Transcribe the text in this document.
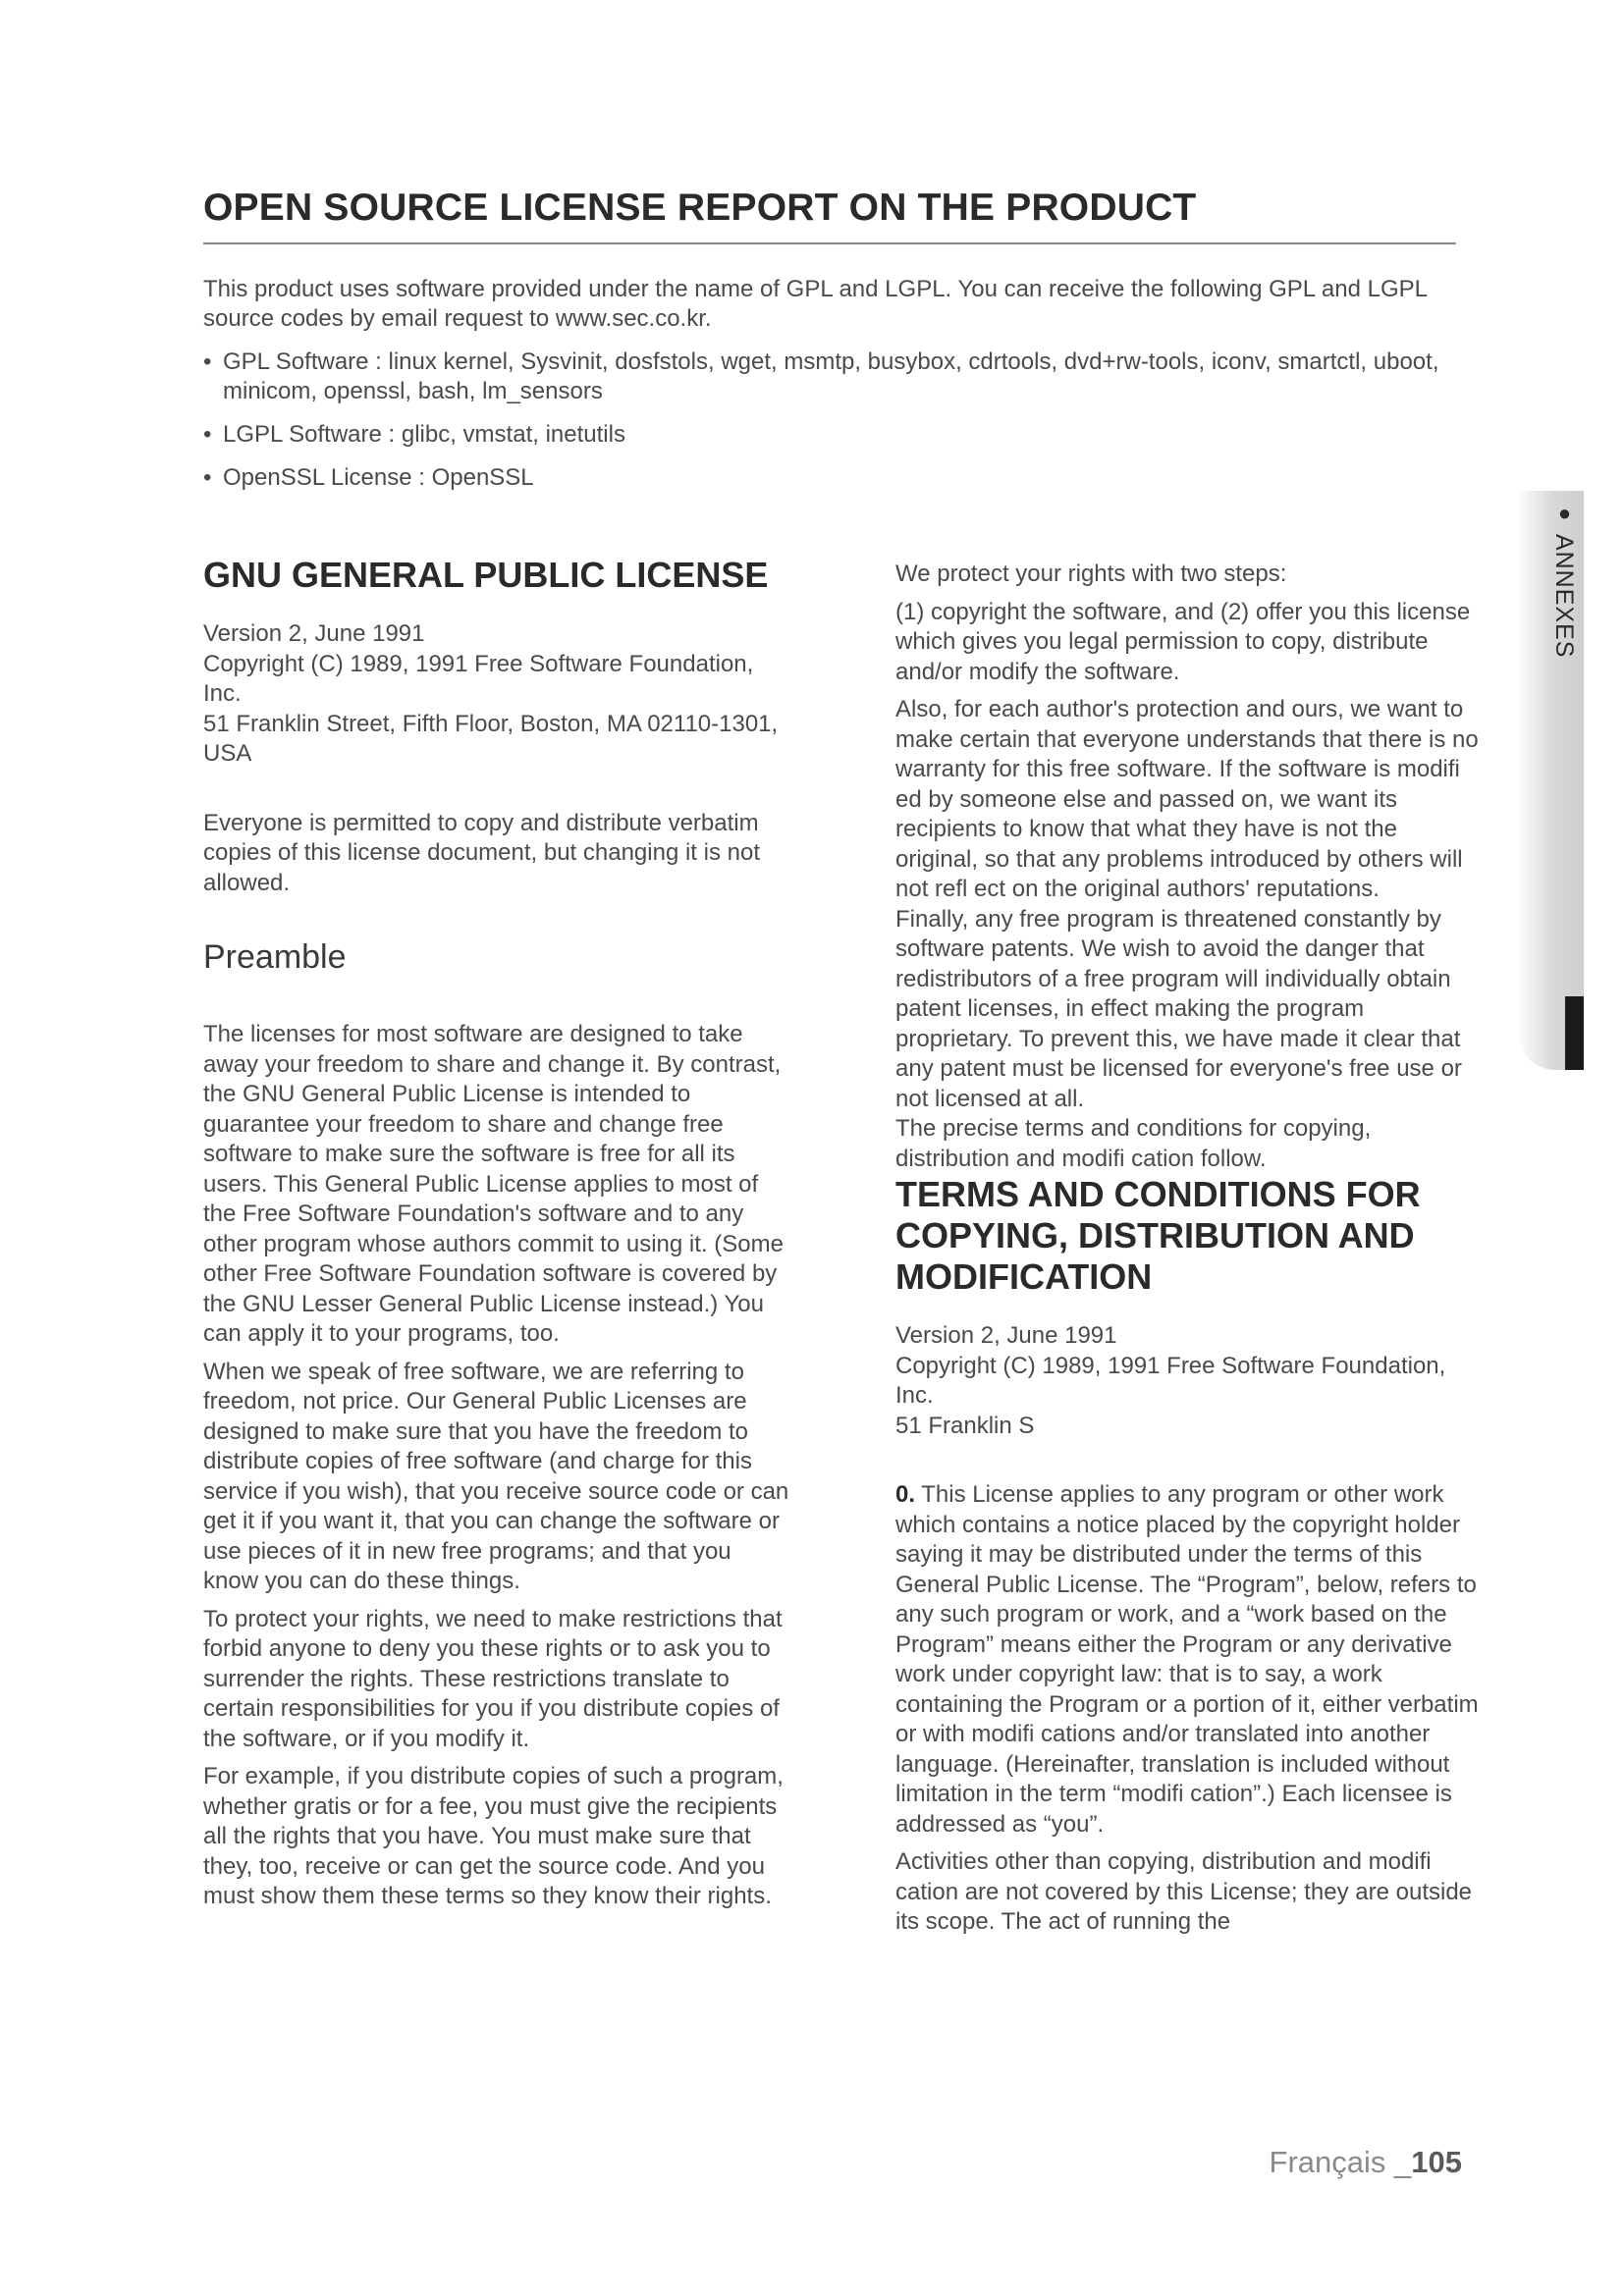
OPEN SOURCE LICENSE REPORT ON THE PRODUCT

This product uses software provided under the name of GPL and LGPL. You can receive the following GPL and LGPL source codes by email request to www.sec.co.kr.

• GPL Software : linux kernel, Sysvinit, dosfstols, wget, msmtp, busybox, cdrtools, dvd+rw-tools, iconv, smartctl, uboot, minicom, openssl, bash, lm_sensors
• LGPL Software : glibc, vmstat, inetutils
• OpenSSL License : OpenSSL
GNU GENERAL PUBLIC LICENSE

Version 2, June 1991

Copyright (C) 1989, 1991 Free Software Foundation, Inc.

51 Franklin Street, Fifth Floor, Boston, MA 02110-1301, USA

Everyone is permitted to copy and distribute verbatim copies of this license document, but changing it is not allowed.

Preamble

The licenses for most software are designed to take away your freedom to share and change it. By contrast, the GNU General Public License is intended to guarantee your freedom to share and change free software to make sure the software is free for all its users. This General Public License applies to most of the Free Software Foundation's software and to any other program whose authors commit to using it. (Some other Free Software Foundation software is covered by the GNU Lesser General Public License instead.) You can apply it to your programs, too.

When we speak of free software, we are referring to freedom, not price. Our General Public Licenses are designed to make sure that you have the freedom to distribute copies of free software (and charge for this service if you wish), that you receive source code or can get it if you want it, that you can change the software or use pieces of it in new free programs; and that you know you can do these things.

To protect your rights, we need to make restrictions that forbid anyone to deny you these rights or to ask you to surrender the rights. These restrictions translate to certain responsibilities for you if you distribute copies of the software, or if you modify it.

For example, if you distribute copies of such a program, whether gratis or for a fee, you must give the recipients all the rights that you have. You must make sure that they, too, receive or can get the source code. And you must show them these terms so they know their rights.

We protect your rights with two steps:

(1) copyright the software, and (2) offer you this license which gives you legal permission to copy, distribute and/or modify the software.

Also, for each author's protection and ours, we want to make certain that everyone understands that there is no warranty for this free software. If the software is modifi ed by someone else and passed on, we want its recipients to know that what they have is not the original, so that any problems introduced by others will not refl ect on the original authors' reputations.

Finally, any free program is threatened constantly by software patents. We wish to avoid the danger that redistributors of a free program will individually obtain patent licenses, in effect making the program proprietary. To prevent this, we have made it clear that any patent must be licensed for everyone's free use or not licensed at all.

The precise terms and conditions for copying, distribution and modifi cation follow.

TERMS AND CONDITIONS FOR COPYING, DISTRIBUTION AND MODIFICATION

Version 2, June 1991

Copyright (C) 1989, 1991 Free Software Foundation, Inc.

51 Franklin S

0. This License applies to any program or other work which contains a notice placed by the copyright holder saying it may be distributed under the terms of this General Public License. The “Program”, below, refers to any such program or work, and a “work based on the Program” means either the Program or any derivative work under copyright law: that is to say, a work containing the Program or a portion of it, either verbatim or with modifi cations and/or translated into another language. (Hereinafter, translation is included without limitation in the term “modifi cation”.) Each licensee is addressed as “you”.

Activities other than copying, distribution and modifi cation are not covered by this License; they are outside its scope. The act of running the

● ANNEXES
Français _105
